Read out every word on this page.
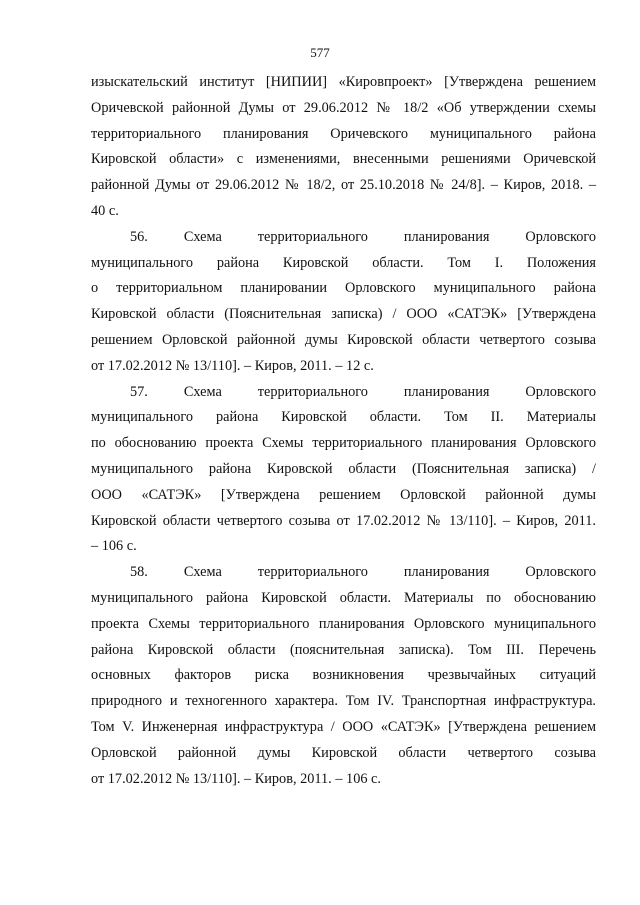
577
изыскательский институт [НИПИИ] «Кировпроект» [Утверждена решением
Оричевской районной Думы от 29.06.2012 № 18/2 «Об утверждении схемы
территориального планирования Оричевского муниципального района
Кировской области» с изменениями, внесенными решениями Оричевской
районной Думы от 29.06.2012 № 18/2, от 25.10.2018 № 24/8]. – Киров, 2018. –
40 с.
56. Схема территориального планирования Орловского
муниципального района Кировской области. Том I. Положения
о территориальном планировании Орловского муниципального района
Кировской области (Пояснительная записка) / ООО «САТЭК» [Утверждена
решением Орловской районной думы Кировской области четвертого созыва
от 17.02.2012 № 13/110]. – Киров, 2011. – 12 с.
57. Схема территориального планирования Орловского
муниципального района Кировской области. Том II. Материалы
по обоснованию проекта Схемы территориального планирования Орловского
муниципального района Кировской области (Пояснительная записка) /
ООО «САТЭК» [Утверждена решением Орловской районной думы
Кировской области четвертого созыва от 17.02.2012 № 13/110]. – Киров, 2011.
– 106 с.
58. Схема территориального планирования Орловского
муниципального района Кировской области. Материалы по обоснованию
проекта Схемы территориального планирования Орловского муниципального
района Кировской области (пояснительная записка). Том III. Перечень
основных факторов риска возникновения чрезвычайных ситуаций
природного и техногенного характера. Том IV. Транспортная инфраструктура.
Том V. Инженерная инфраструктура / ООО «САТЭК» [Утверждена решением
Орловской районной думы Кировской области четвертого созыва
от 17.02.2012 № 13/110]. – Киров, 2011. – 106 с.
